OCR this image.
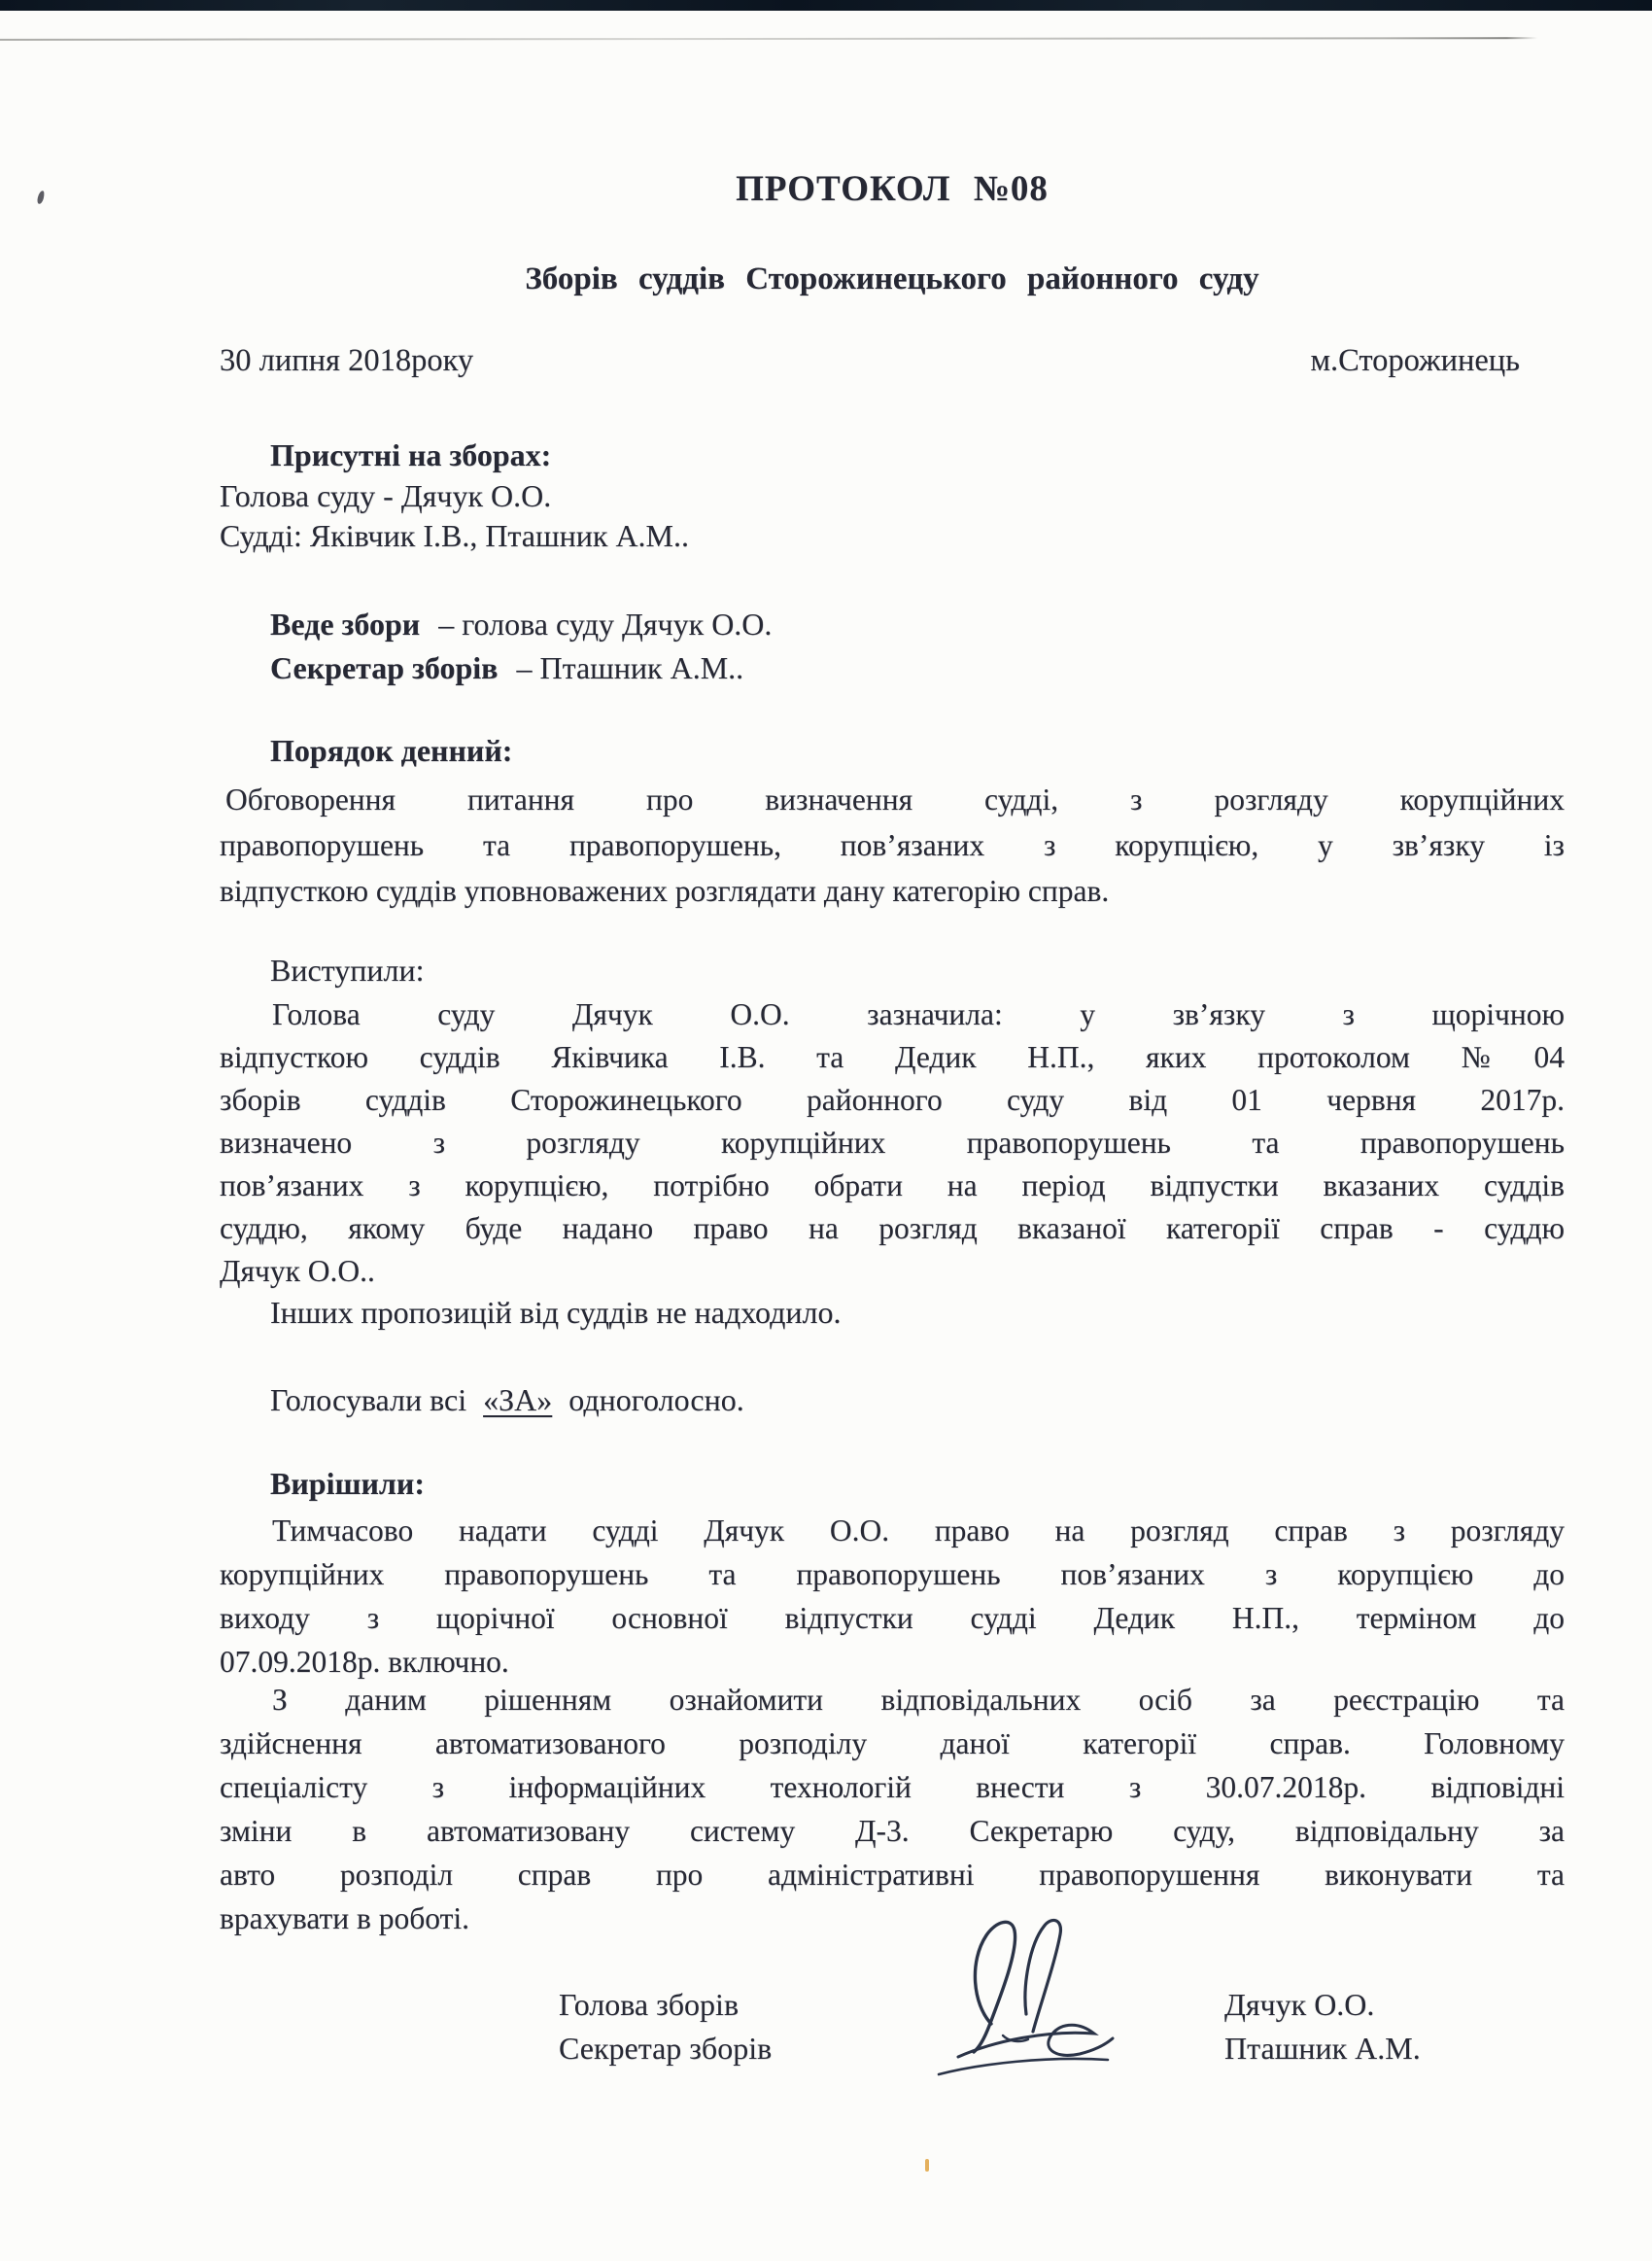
ПРОТОКОЛ №08
Зборів суддів Сторожинецького районного суду
30 липня 2018року	м.Сторожинець
Присутні на зборах:
Голова суду - Дячук О.О.
Судді: Яківчик І.В., Пташник А.М..
Веде збори – голова суду Дячук О.О.
Секретар зборів – Пташник А.М..
Порядок денний:
Обговорення питання про визначення судді, з розгляду корупційних
правопорушень та правопорушень, пов’язаних з корупцією, у зв’язку із
відпусткою суддів уповноважених розглядати дану категорію справ.
Виступили:
Голова суду Дячук О.О. зазначила: у зв’язку з щорічною
відпусткою суддів Яківчика І.В. та Дедик Н.П., яких протоколом №04
зборів суддів Сторожинецького районного суду від 01 червня 2017р.
визначено з розгляду корупційних правопорушень та правопорушень
пов’язаних з корупцією, потрібно обрати на період відпустки вказаних суддів
суддю, якому буде надано право на розгляд вказаної категорії справ - суддю
Дячук О.О..
Інших пропозицій від суддів не надходило.
Голосували всі «ЗА» одноголосно.
Вирішили:
Тимчасово надати судді Дячук О.О. право на розгляд справ з розгляду
корупційних правопорушень та правопорушень пов’язаних з корупцією до
виходу з щорічної основної відпустки судді Дедик Н.П., терміном до
07.09.2018р. включно.
З даним рішенням ознайомити відповідальних осіб за реєстрацію та
здійснення автоматизованого розподілу даної категорії справ. Головному
спеціалісту з інформаційних технологій внести з 30.07.2018р. відповідні
зміни в автоматизовану систему Д-3. Секретарю суду, відповідальну за
авто розподіл справ про адміністративні правопорушення виконувати та
врахувати в роботі.
Голова зборів	Дячук О.О.
Секретар зборів	Пташник А.М.
